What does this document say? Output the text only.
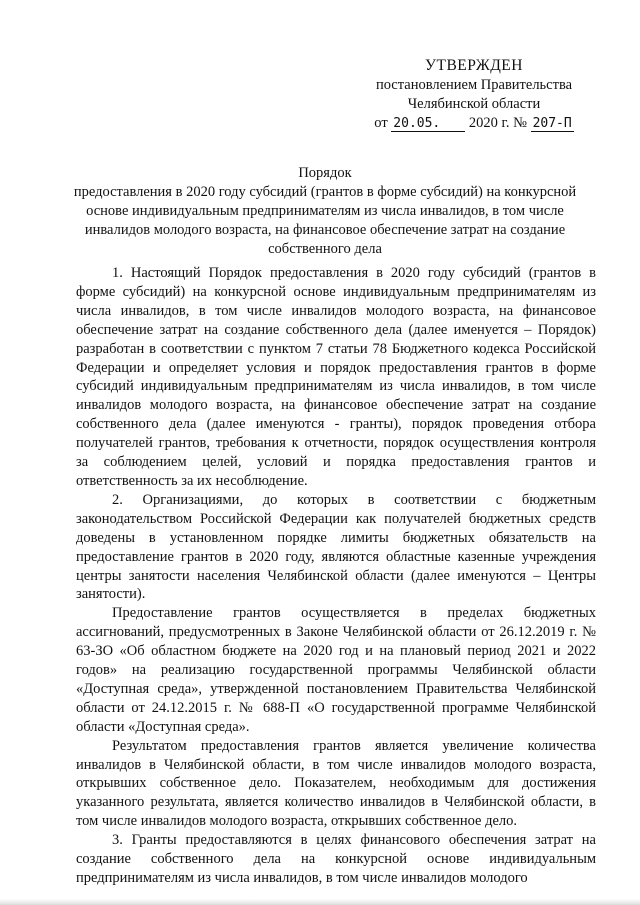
УТВЕРЖДЕН
постановлением Правительства
Челябинской области
от 20.05. 2020 г. № 207-П
Порядок
предоставления в 2020 году субсидий (грантов в форме субсидий) на конкурсной основе индивидуальным предпринимателям из числа инвалидов, в том числе инвалидов молодого возраста, на финансовое обеспечение затрат на создание собственного дела

1. Настоящий Порядок предоставления в 2020 году субсидий (грантов в форме субсидий) на конкурсной основе индивидуальным предпринимателям из числа инвалидов, в том числе инвалидов молодого возраста, на финансовое обеспечение затрат на создание собственного дела (далее именуется – Порядок) разработан в соответствии с пунктом 7 статьи 78 Бюджетного кодекса Российской Федерации и определяет условия и порядок предоставления грантов в форме субсидий индивидуальным предпринимателям из числа инвалидов, в том числе инвалидов молодого возраста, на финансовое обеспечение затрат на создание собственного дела (далее именуются - гранты), порядок проведения отбора получателей грантов, требования к отчетности, порядок осуществления контроля за соблюдением целей, условий и порядка предоставления грантов и ответственность за их несоблюдение.

2. Организациями, до которых в соответствии с бюджетным законодательством Российской Федерации как получателей бюджетных средств доведены в установленном порядке лимиты бюджетных обязательств на предоставление грантов в 2020 году, являются областные казенные учреждения центры занятости населения Челябинской области (далее именуются – Центры занятости).

Предоставление грантов осуществляется в пределах бюджетных ассигнований, предусмотренных в Законе Челябинской области от 26.12.2019 г. № 63-ЗО «Об областном бюджете на 2020 год и на плановый период 2021 и 2022 годов» на реализацию государственной программы Челябинской области «Доступная среда», утвержденной постановлением Правительства Челябинской области от 24.12.2015 г. № 688-П «О государственной программе Челябинской области «Доступная среда».

Результатом предоставления грантов является увеличение количества инвалидов в Челябинской области, в том числе инвалидов молодого возраста, открывших собственное дело. Показателем, необходимым для достижения указанного результата, является количество инвалидов в Челябинской области, в том числе инвалидов молодого возраста, открывших собственное дело.

3. Гранты предоставляются в целях финансового обеспечения затрат на создание собственного дела на конкурсной основе индивидуальным предпринимателям из числа инвалидов, в том числе инвалидов молодого
